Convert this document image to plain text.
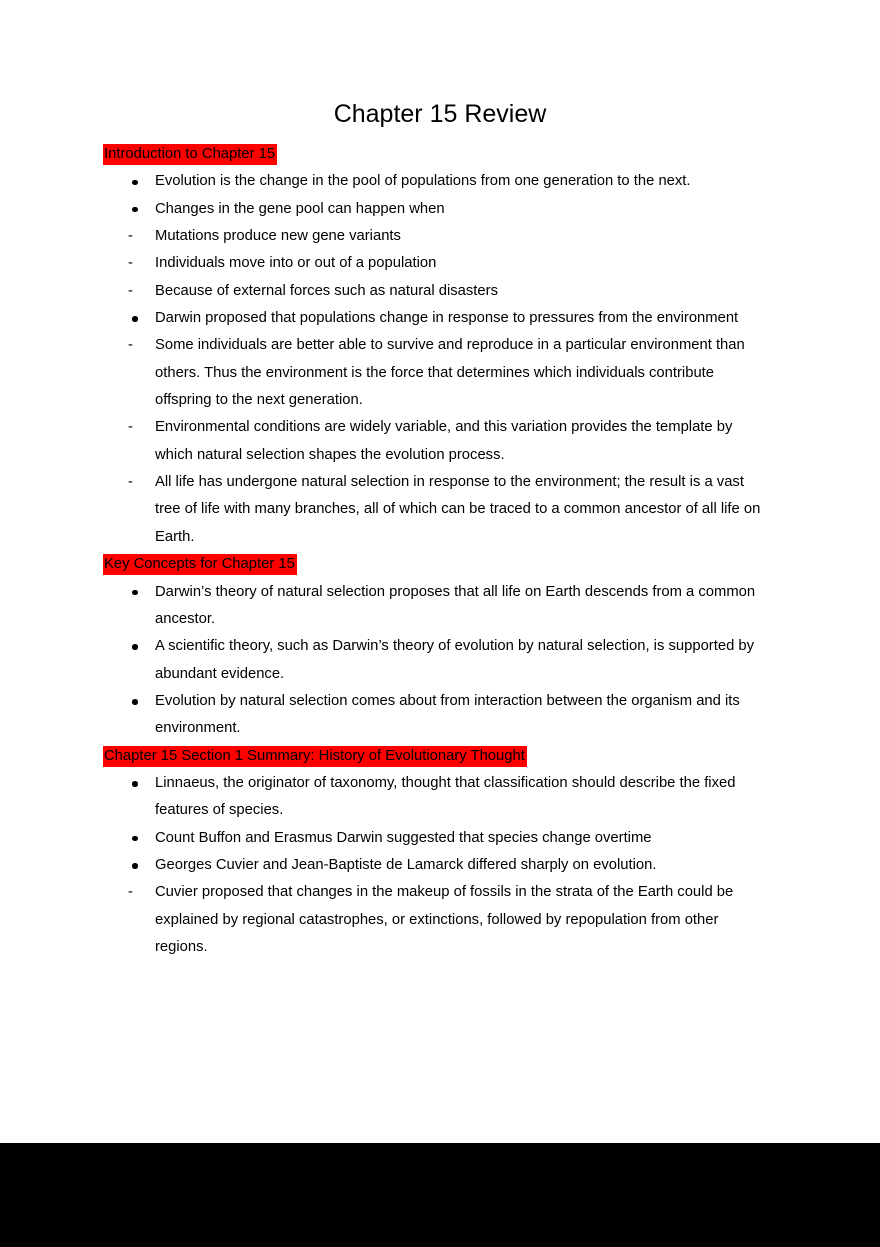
Chapter 15 Review
Introduction to Chapter 15
Evolution is the change in the pool of populations from one generation to the next.
Changes in the gene pool can happen when
- Mutations produce new gene variants
- Individuals move into or out of a population
- Because of external forces such as natural disasters
Darwin proposed that populations change in response to pressures from the environment
- Some individuals are better able to survive and reproduce in a particular environment than others. Thus the environment is the force that determines which individuals contribute offspring to the next generation.
- Environmental conditions are widely variable, and this variation provides the template by which natural selection shapes the evolution process.
- All life has undergone natural selection in response to the environment; the result is a vast tree of life with many branches, all of which can be traced to a common ancestor of all life on Earth.
Key Concepts for Chapter 15
Darwin’s theory of natural selection proposes that all life on Earth descends from a common ancestor.
A scientific theory, such as Darwin’s theory of evolution by natural selection, is supported by abundant evidence.
Evolution by natural selection comes about from interaction between the organism and its environment.
Chapter 15 Section 1 Summary: History of Evolutionary Thought
Linnaeus, the originator of taxonomy, thought that classification should describe the fixed features of species.
Count Buffon and Erasmus Darwin suggested that species change overtime
Georges Cuvier and Jean-Baptiste de Lamarck differed sharply on evolution.
- Cuvier proposed that changes in the makeup of fossils in the strata of the Earth could be explained by regional catastrophes, or extinctions, followed by repopulation from other regions.
